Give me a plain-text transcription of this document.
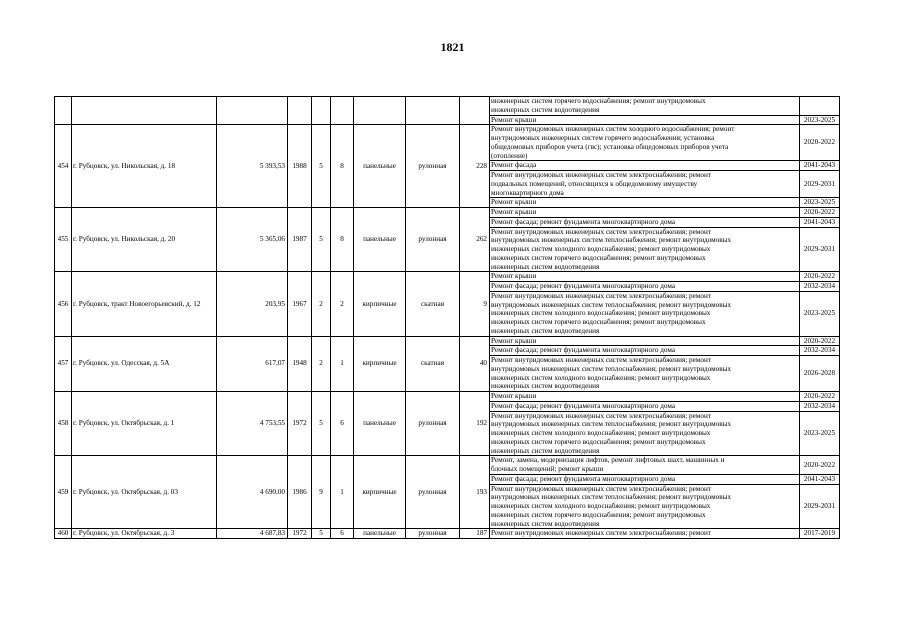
1821
									инженерных систем горячего водоснабжения; ремонт внутридомовых
инженерных систем водоотведения	
									Ремонт крыши	2023-2025
454	г. Рубцовск, ул. Никольская, д. 18	5 393,53	1988	5	8	панельные	рулонная	228	Ремонт внутридомовых инженерных систем холодного водоснабжения; ремонт
внутридомовых инженерных систем горячего водоснабжения; установка
общедомовых приборов учета (гвс); установка общедомовых приборов учета
(отопление)	2020-2022
									Ремонт фасада	2041-2043
									Ремонт внутридомовых инженерных систем электроснабжения; ремонт
подвальных помещений, относящихся к общедомовому имуществу
многоквартирного дома	2029-2031
									Ремонт крыши	2023-2025
455	г. Рубцовск, ул. Никольская, д. 20	5 365,06	1987	5	8	панельные	рулонная	262	Ремонт крыши	2020-2022
									Ремонт фасада; ремонт фундамента многоквартирного дома	2041-2043
									Ремонт внутридомовых инженерных систем электроснабжения; ремонт
внутридомовых инженерных систем теплоснабжения; ремонт внутридомовых
инженерных систем холодного водоснабжения; ремонт внутридомовых
инженерных систем горячего водоснабжения; ремонт внутридомовых
инженерных систем водоотведения	2029-2031
456	г. Рубцовск, тракт Новоегорьевский, д. 12	203,95	1967	2	2	кирпичные	скатная	9	Ремонт крыши	2020-2022
									Ремонт фасада; ремонт фундамента многоквартирного дома	2032-2034
									Ремонт внутридомовых инженерных систем электроснабжения; ремонт
внутридомовых инженерных систем теплоснабжения; ремонт внутридомовых
инженерных систем холодного водоснабжения; ремонт внутридомовых
инженерных систем горячего водоснабжения; ремонт внутридомовых
инженерных систем водоотведения	2023-2025
457	г. Рубцовск, ул. Одесская, д. 5А	617,07	1948	2	1	кирпичные	скатная	40	Ремонт крыши	2020-2022
									Ремонт фасада; ремонт фундамента многоквартирного дома	2032-2034
									Ремонт внутридомовых инженерных систем электроснабжения; ремонт
внутридомовых инженерных систем теплоснабжения; ремонт внутридомовых
инженерных систем холодного водоснабжения; ремонт внутридомовых
инженерных систем водоотведения	2026-2028
458	г. Рубцовск, ул. Октябрьская, д. 1	4 753,55	1972	5	6	панельные	рулонная	192	Ремонт крыши	2020-2022
									Ремонт фасада; ремонт фундамента многоквартирного дома	2032-2034
									Ремонт внутридомовых инженерных систем электроснабжения; ремонт
внутридомовых инженерных систем теплоснабжения; ремонт внутридомовых
инженерных систем холодного водоснабжения; ремонт внутридомовых
инженерных систем горячего водоснабжения; ремонт внутридомовых
инженерных систем водоотведения	2023-2025
459	г. Рубцовск, ул. Октябрьская, д. 03	4 690,00	1986	9	1	кирпичные	рулонная	193	Ремонт, замена, модернизация лифтов, ремонт лифтовых шахт, машинных и
блочных помещений; ремонт крыши	2020-2022
									Ремонт фасада; ремонт фундамента многоквартирного дома	2041-2043
									Ремонт внутридомовых инженерных систем электроснабжения; ремонт
внутридомовых инженерных систем теплоснабжения; ремонт внутридомовых
инженерных систем холодного водоснабжения; ремонт внутридомовых
инженерных систем горячего водоснабжения; ремонт внутридомовых
инженерных систем водоотведения	2029-2031
460	г. Рубцовск, ул. Октябрьская, д. 3	4 687,83	1972	5	6	панельные	рулонная	187	Ремонт внутридомовых инженерных систем электроснабжения; ремонт	2017-2019
